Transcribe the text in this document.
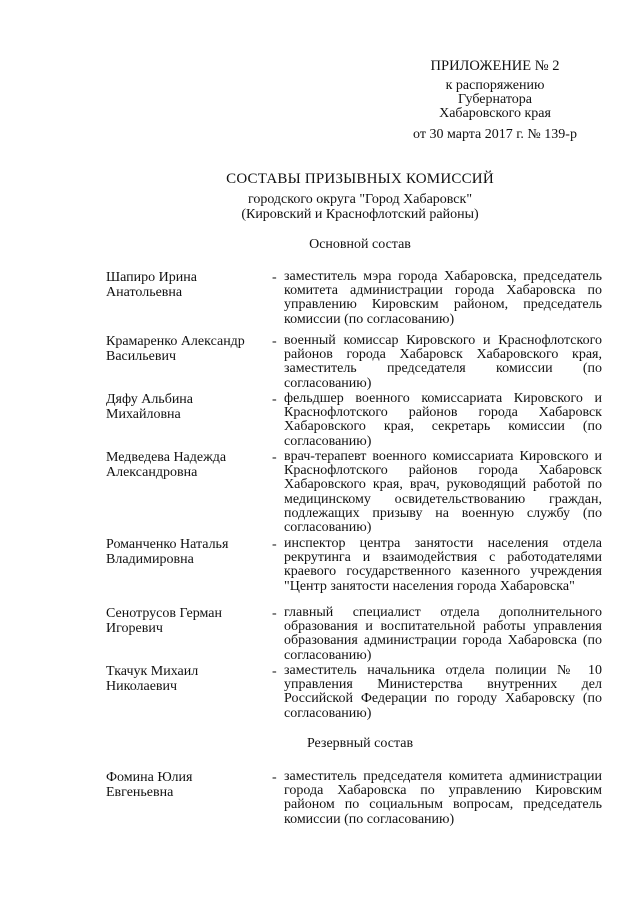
ПРИЛОЖЕНИЕ № 2
к распоряжению
Губернатора
Хабаровского края
от 30 марта 2017 г. № 139-р
СОСТАВЫ ПРИЗЫВНЫХ КОМИССИЙ
городского округа "Город Хабаровск"
(Кировский и Краснофлотский районы)
Основной состав
Шапиро Ирина
Анатольевна
- заместитель мэра города Хабаровска, председатель комитета администрации города Хабаровска по управлению Кировским районом, председатель комиссии (по согласованию)
Крамаренко Александр
Васильевич
- военный комиссар Кировского и Краснофлотского районов города Хабаровск Хабаровского края, заместитель председателя комиссии (по согласованию)
Дяфу Альбина
Михайловна
- фельдшер военного комиссариата Кировского и Краснофлотского районов города Хабаровск Хабаровского края, секретарь комиссии (по согласованию)
Медведева Надежда
Александровна
- врач-терапевт военного комиссариата Кировского и Краснофлотского районов города Хабаровск Хабаровского края, врач, руководящий работой по медицинскому освидетельствованию граждан, подлежащих призыву на военную службу (по согласованию)
Романченко Наталья
Владимировна
- инспектор центра занятости населения отдела рекрутинга и взаимодействия с работодателями краевого государственного казенного учреждения "Центр занятости населения города Хабаровска"
Сенотрусов Герман
Игоревич
- главный специалист отдела дополнительного образования и воспитательной работы управления образования администрации города Хабаровска (по согласованию)
Ткачук Михаил
Николаевич
- заместитель начальника отдела полиции № 10 управления Министерства внутренних дел Российской Федерации по городу Хабаровску (по согласованию)
Резервный состав
Фомина Юлия
Евгеньевна
- заместитель председателя комитета администрации города Хабаровска по управлению Кировским районом по социальным вопросам, председатель комиссии (по согласованию)
